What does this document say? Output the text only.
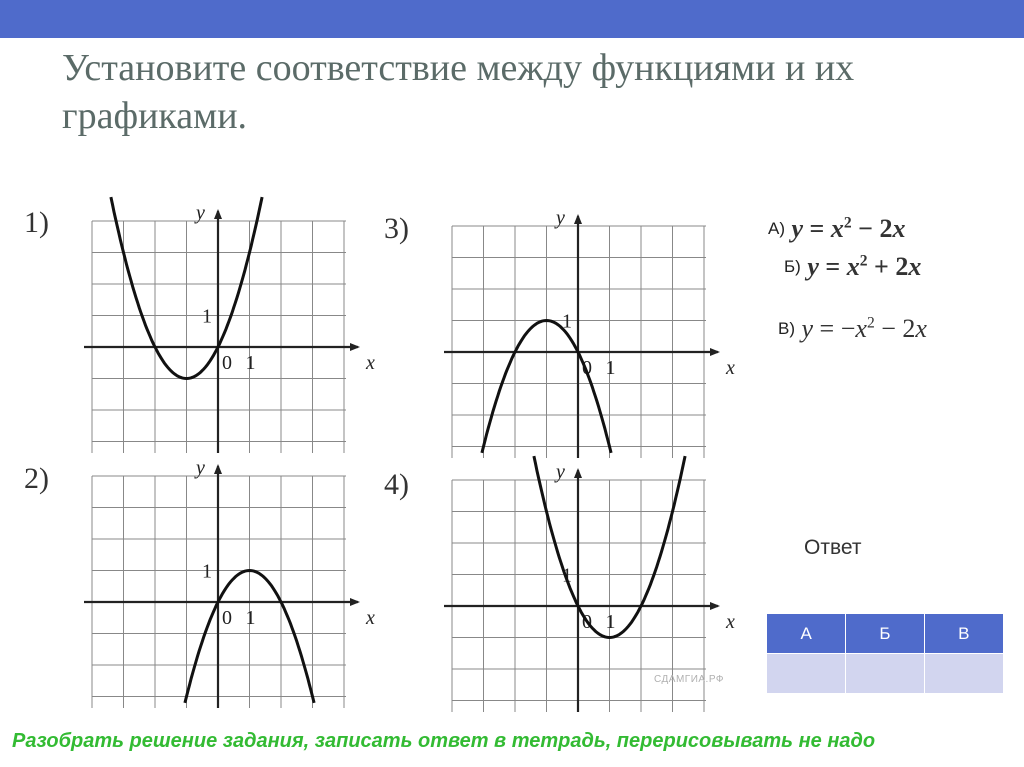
Установите соответствие между функциями и их графиками.
y
x
0 1
1
y
x
0 1
1
y
x
0 1
1
y
x
0 1
1
1)
2)
3)
4)
А) $y = x^2 - 2x$
Б) $y = x^2 + 2x$
В) $y = -x^2 - 2x$
Ответ
А	Б	В

СДАМГИА.РФ
Разобрать решение задания, записать ответ в тетрадь, перерисовывать не надо
